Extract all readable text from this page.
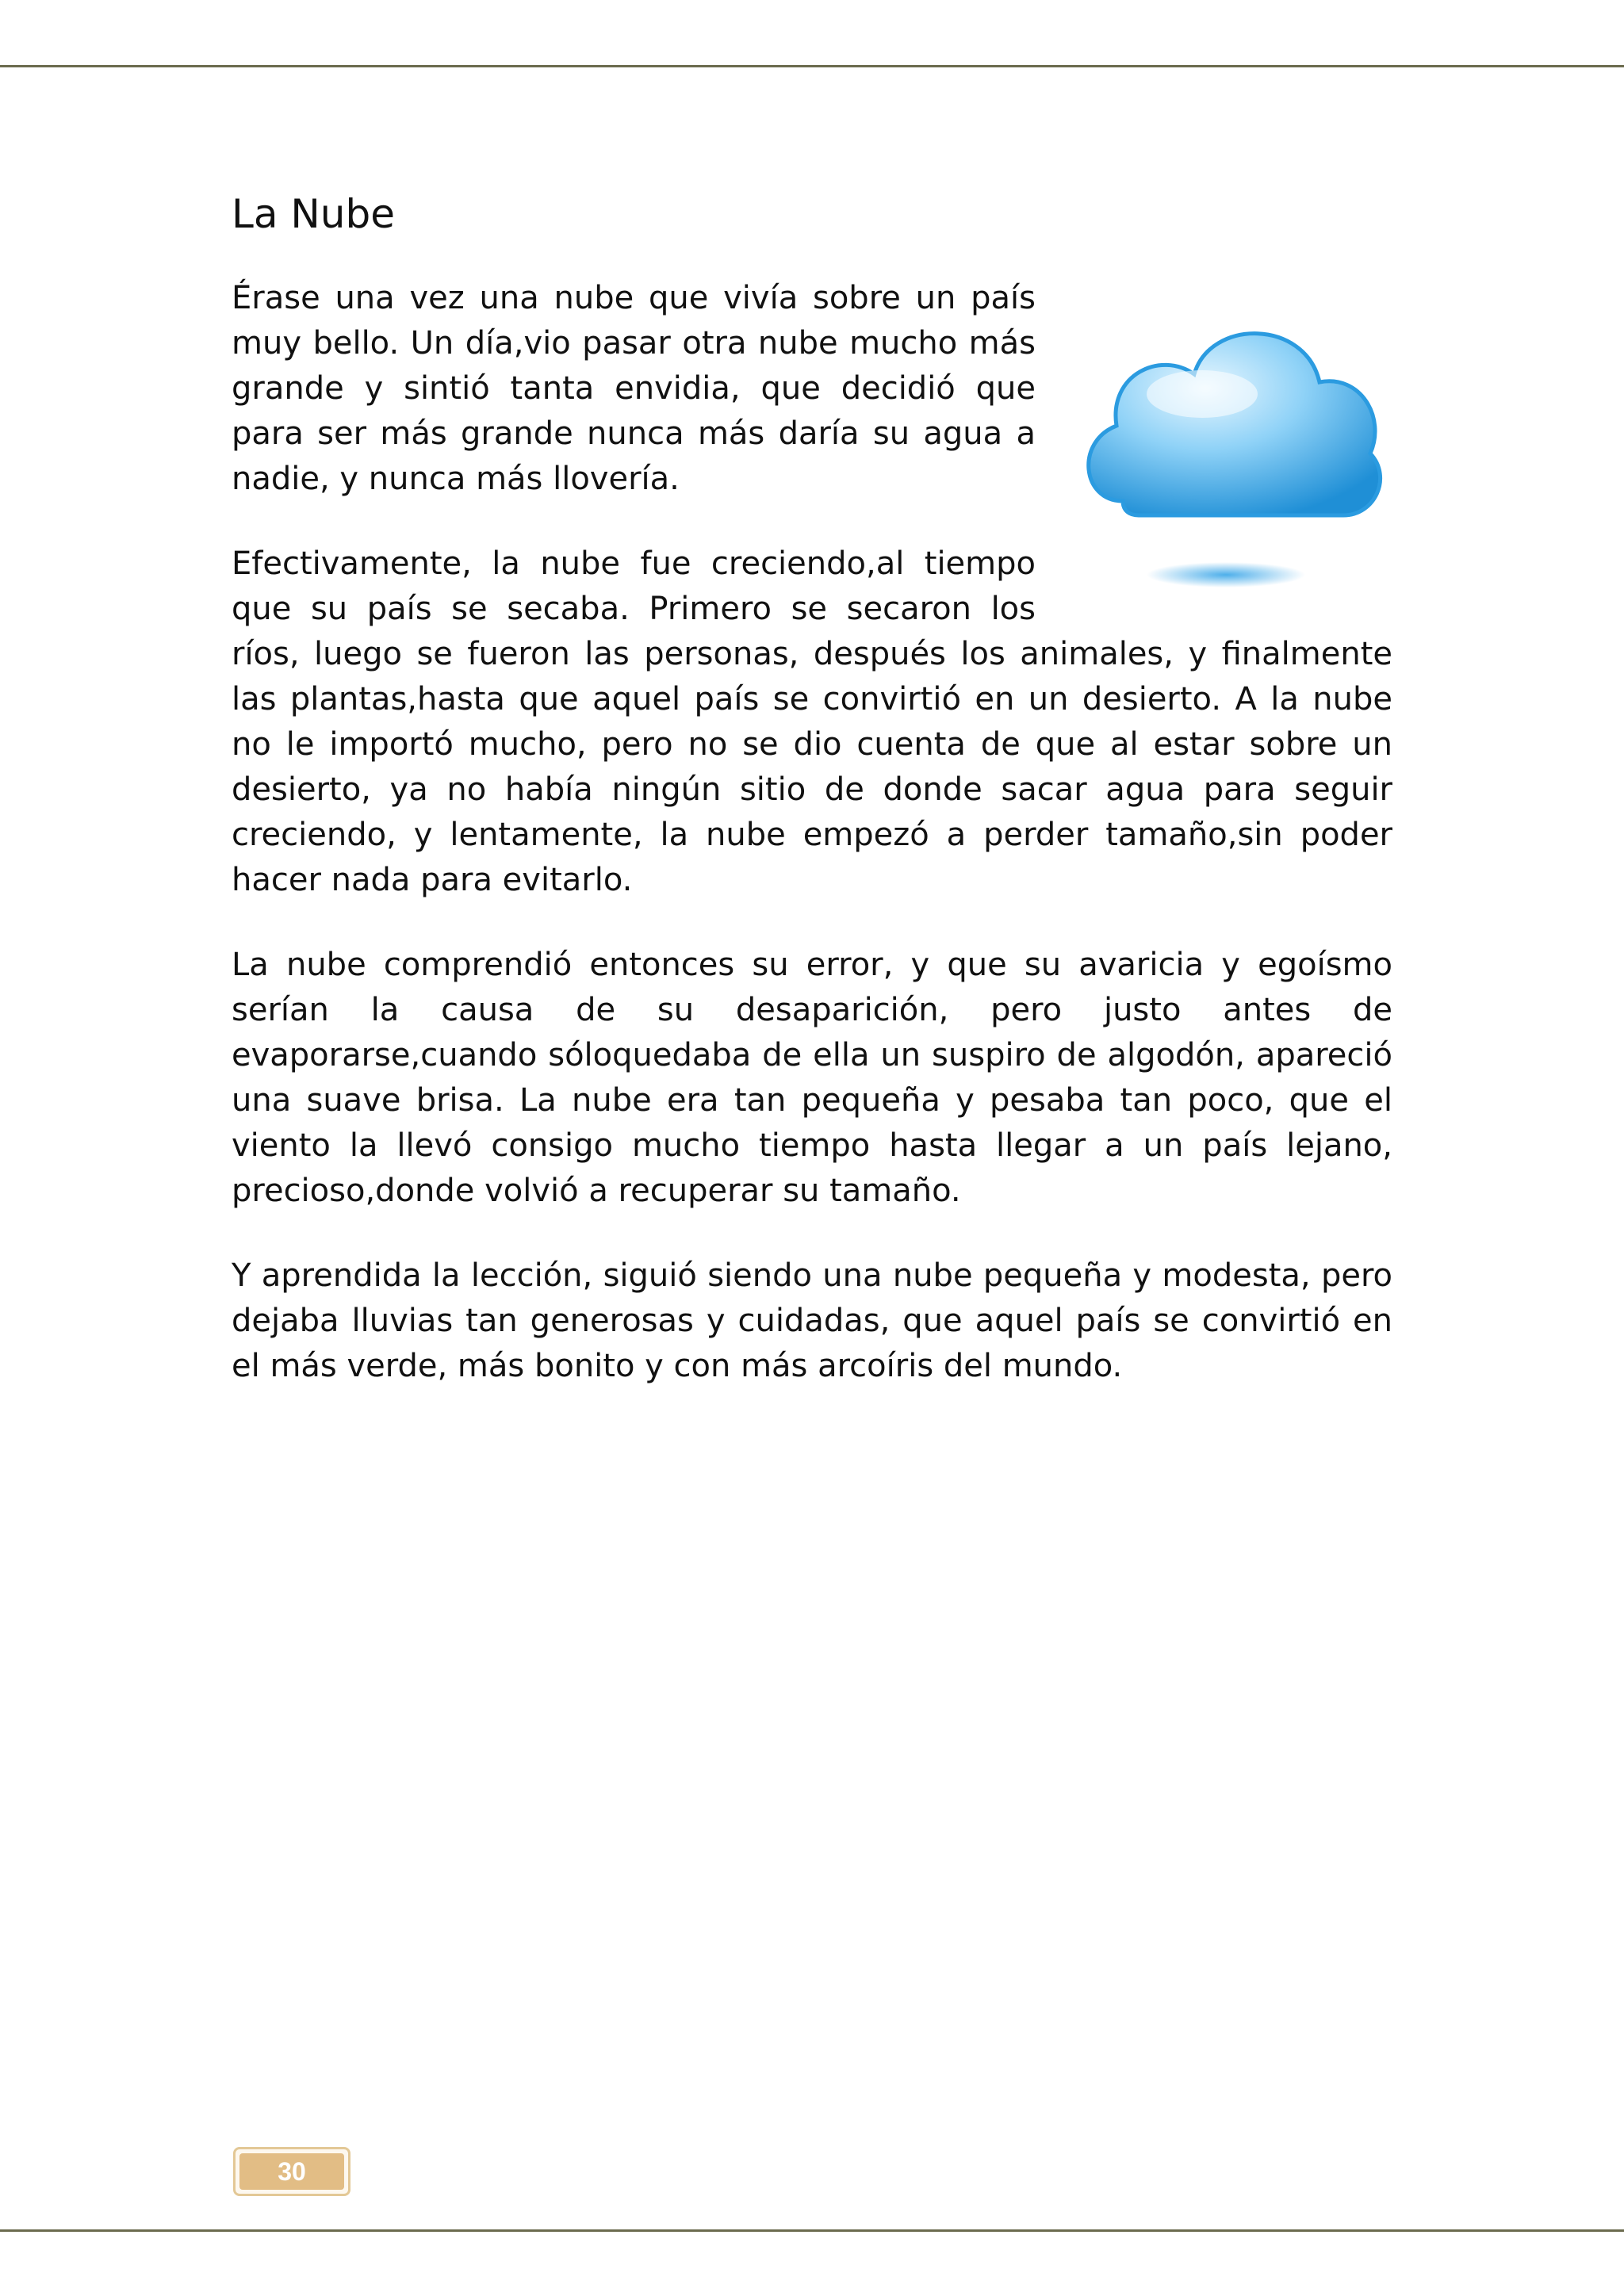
La Nube

Érase una vez una nube que vivía sobre un país muy bello. Un día,vio pasar otra nube mucho más grande y sintió tanta envidia, que decidió que para ser más grande nunca más daría su agua a nadie, y nunca más llovería.

Efectivamente, la nube fue creciendo,al tiempo que su país se secaba. Primero se secaron los ríos, luego se fueron las personas, después los animales, y finalmente las plantas,hasta que aquel país se convirtió en un desierto. A la nube no le importó mucho, pero no se dio cuenta de que al estar sobre un desierto, ya no había ningún sitio de donde sacar agua para seguir creciendo, y lentamente, la nube empezó a perder tamaño,sin poder hacer nada para evitarlo.

La nube comprendió entonces su error, y que su avaricia y egoísmo serían la causa de su desaparición, pero justo antes de evaporarse,cuando sóloquedaba de ella un suspiro de algodón, apareció una suave brisa. La nube era tan pequeña y pesaba tan poco, que el viento la llevó consigo mucho tiempo hasta llegar a un país lejano, precioso,donde volvió a recuperar su tamaño.

Y aprendida la lección, siguió siendo una nube pequeña y modesta, pero dejaba lluvias tan generosas y cuidadas, que aquel país se convirtió en el más verde, más bonito y con más arcoíris del mundo.

30
